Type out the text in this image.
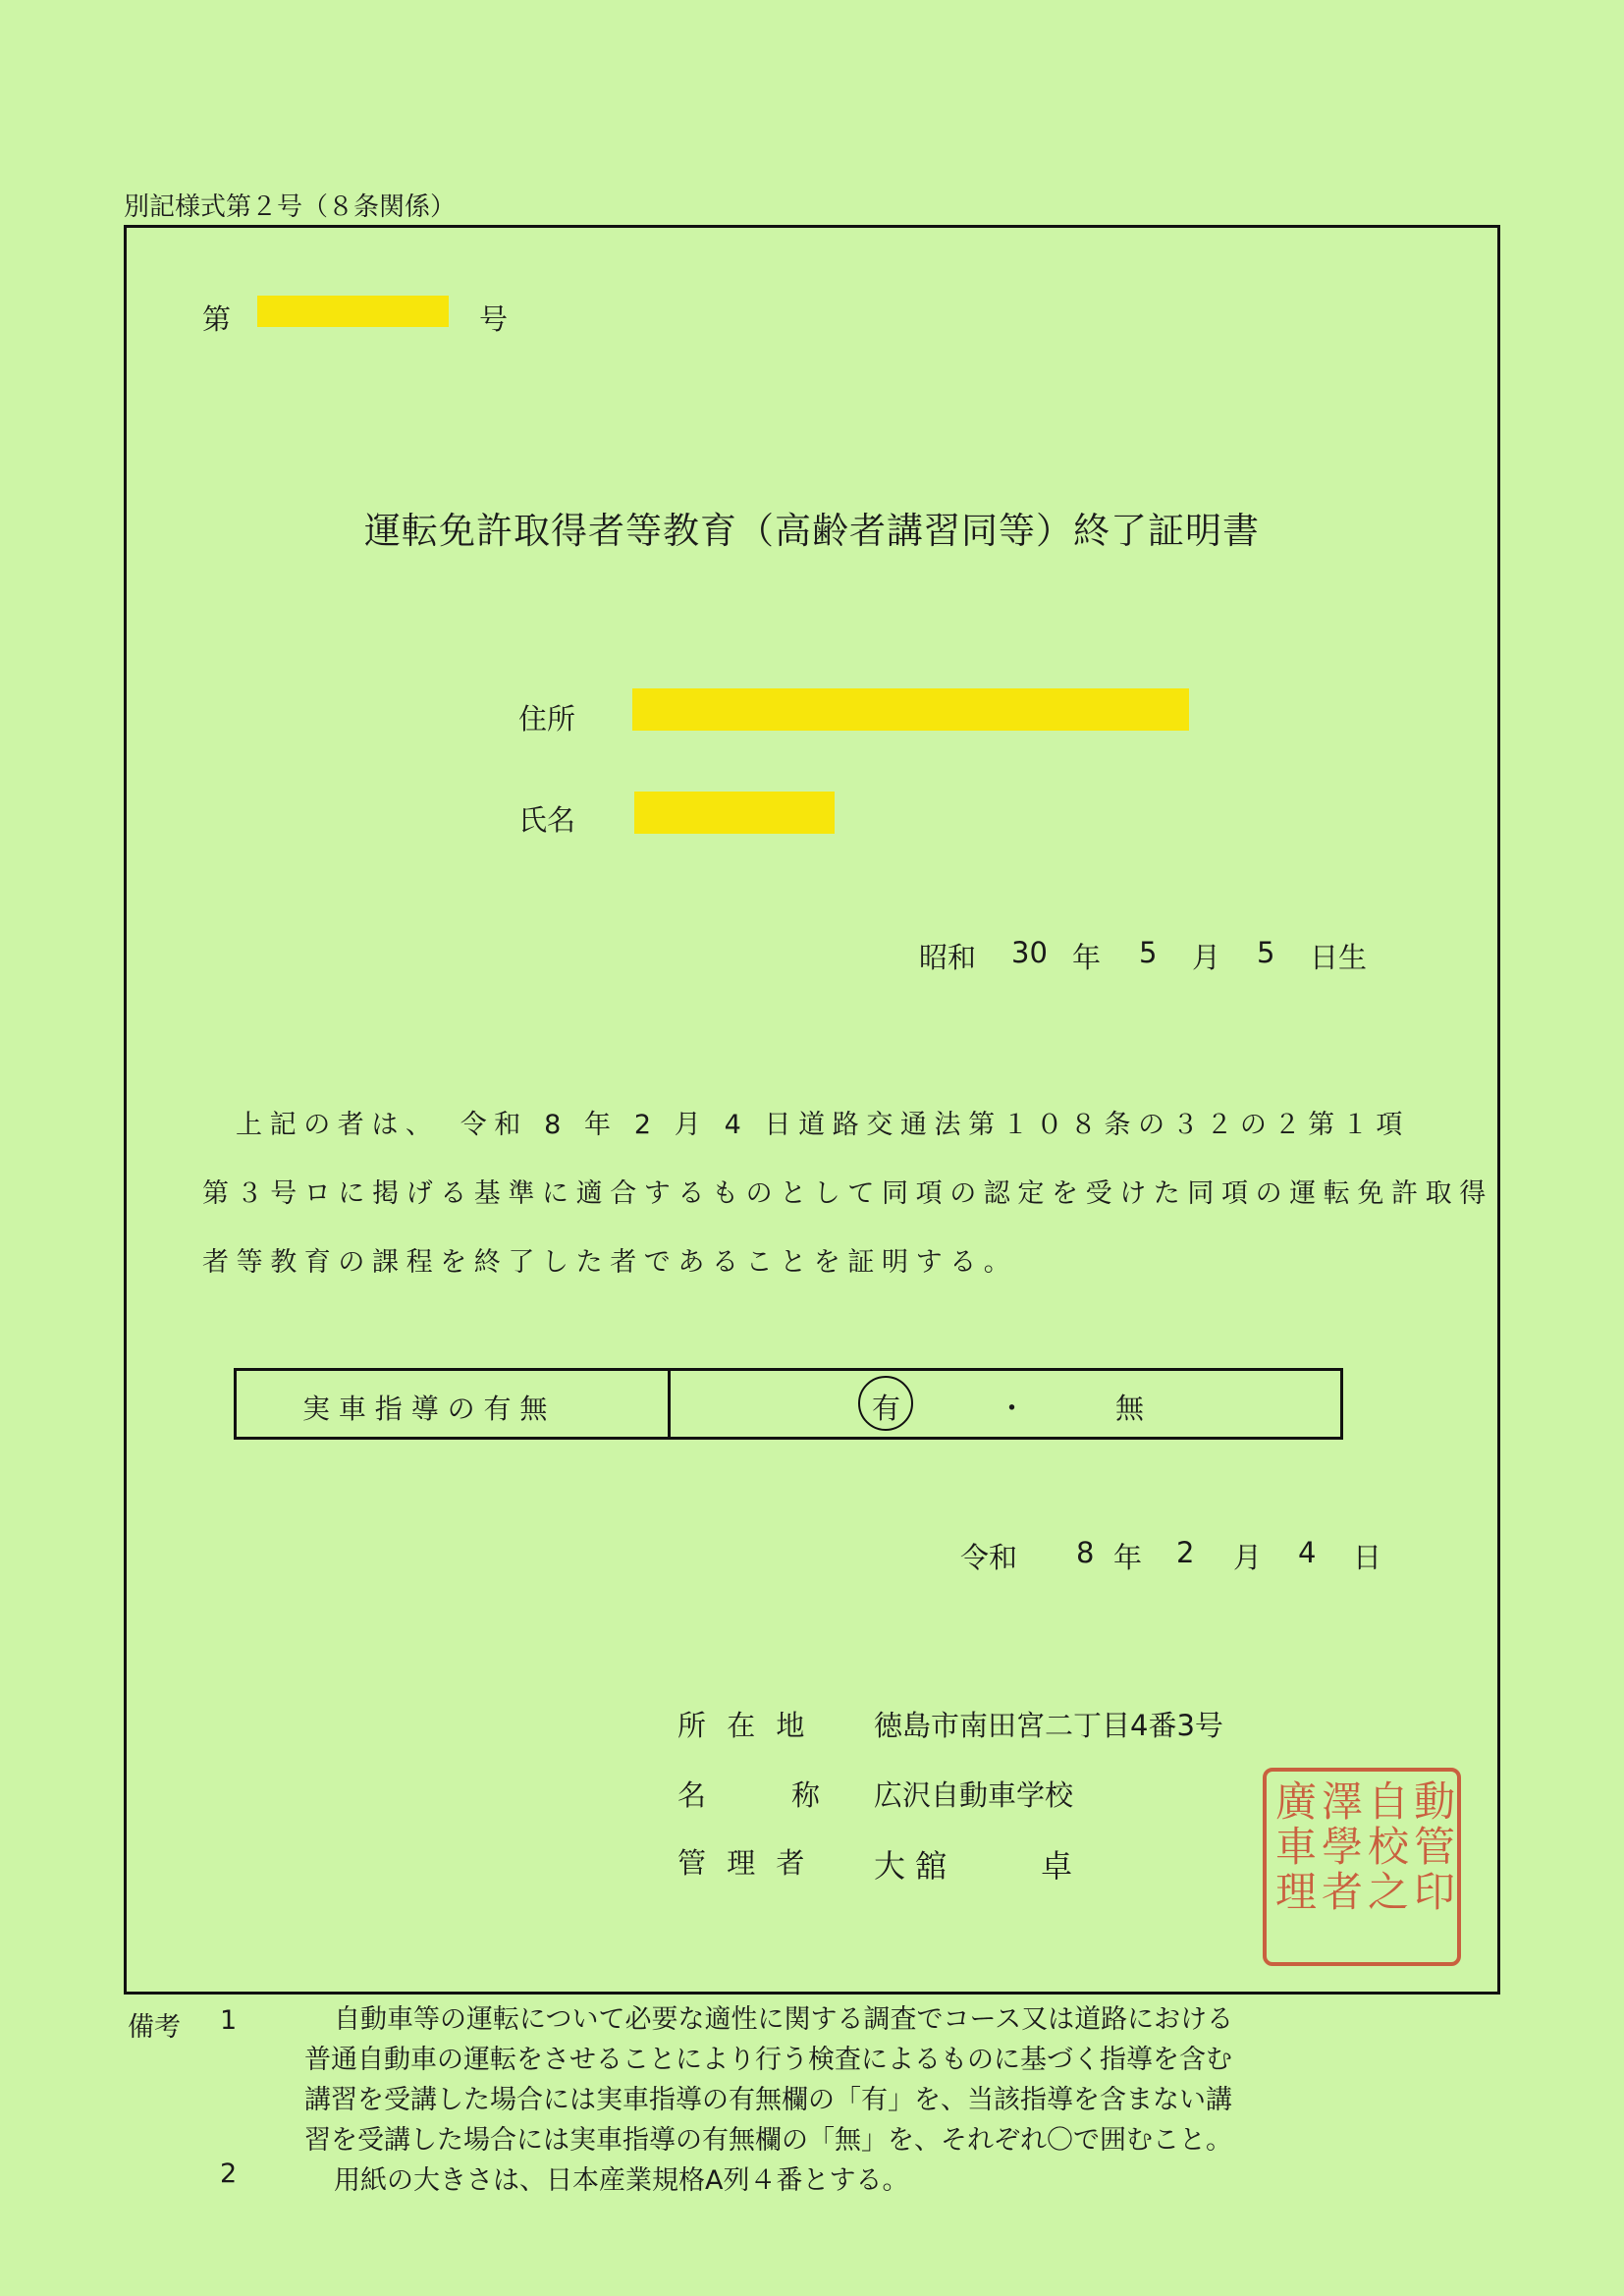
別記様式第２号（８条関係）
第	号
運転免許取得者等教育（高齢者講習同等）終了証明書
住所
氏名
昭和 30 年 5 月 5 日生
上記の者は、　令和 8 年 2 月 4 日道路交通法第１０８条の３２の２第１項
第３号ロに掲げる基準に適合するものとして同項の認定を受けた同項の運転免許取得
者等教育の課程を終了した者であることを証明する。
実 車 指 導 の 有 無	有	・	無
令和 8 年 2 月 4 日
所 在 地 徳島市南田宮二丁目4番3号
名　　　称 広沢自動車学校
管 理 者 大 舘　　　卓
廣
車
理
澤
學
者
自
校
之
動
管
印
備考 1	自動車等の運転について必要な適性に関する調査でコース又は道路における
普通自動車の運転をさせることにより行う検査によるものに基づく指導を含む
講習を受講した場合には実車指導の有無欄の「有」を、当該指導を含まない講
習を受講した場合には実車指導の有無欄の「無」を、それぞれ〇で囲むこと。
2	用紙の大きさは、日本産業規格A列４番とする。
